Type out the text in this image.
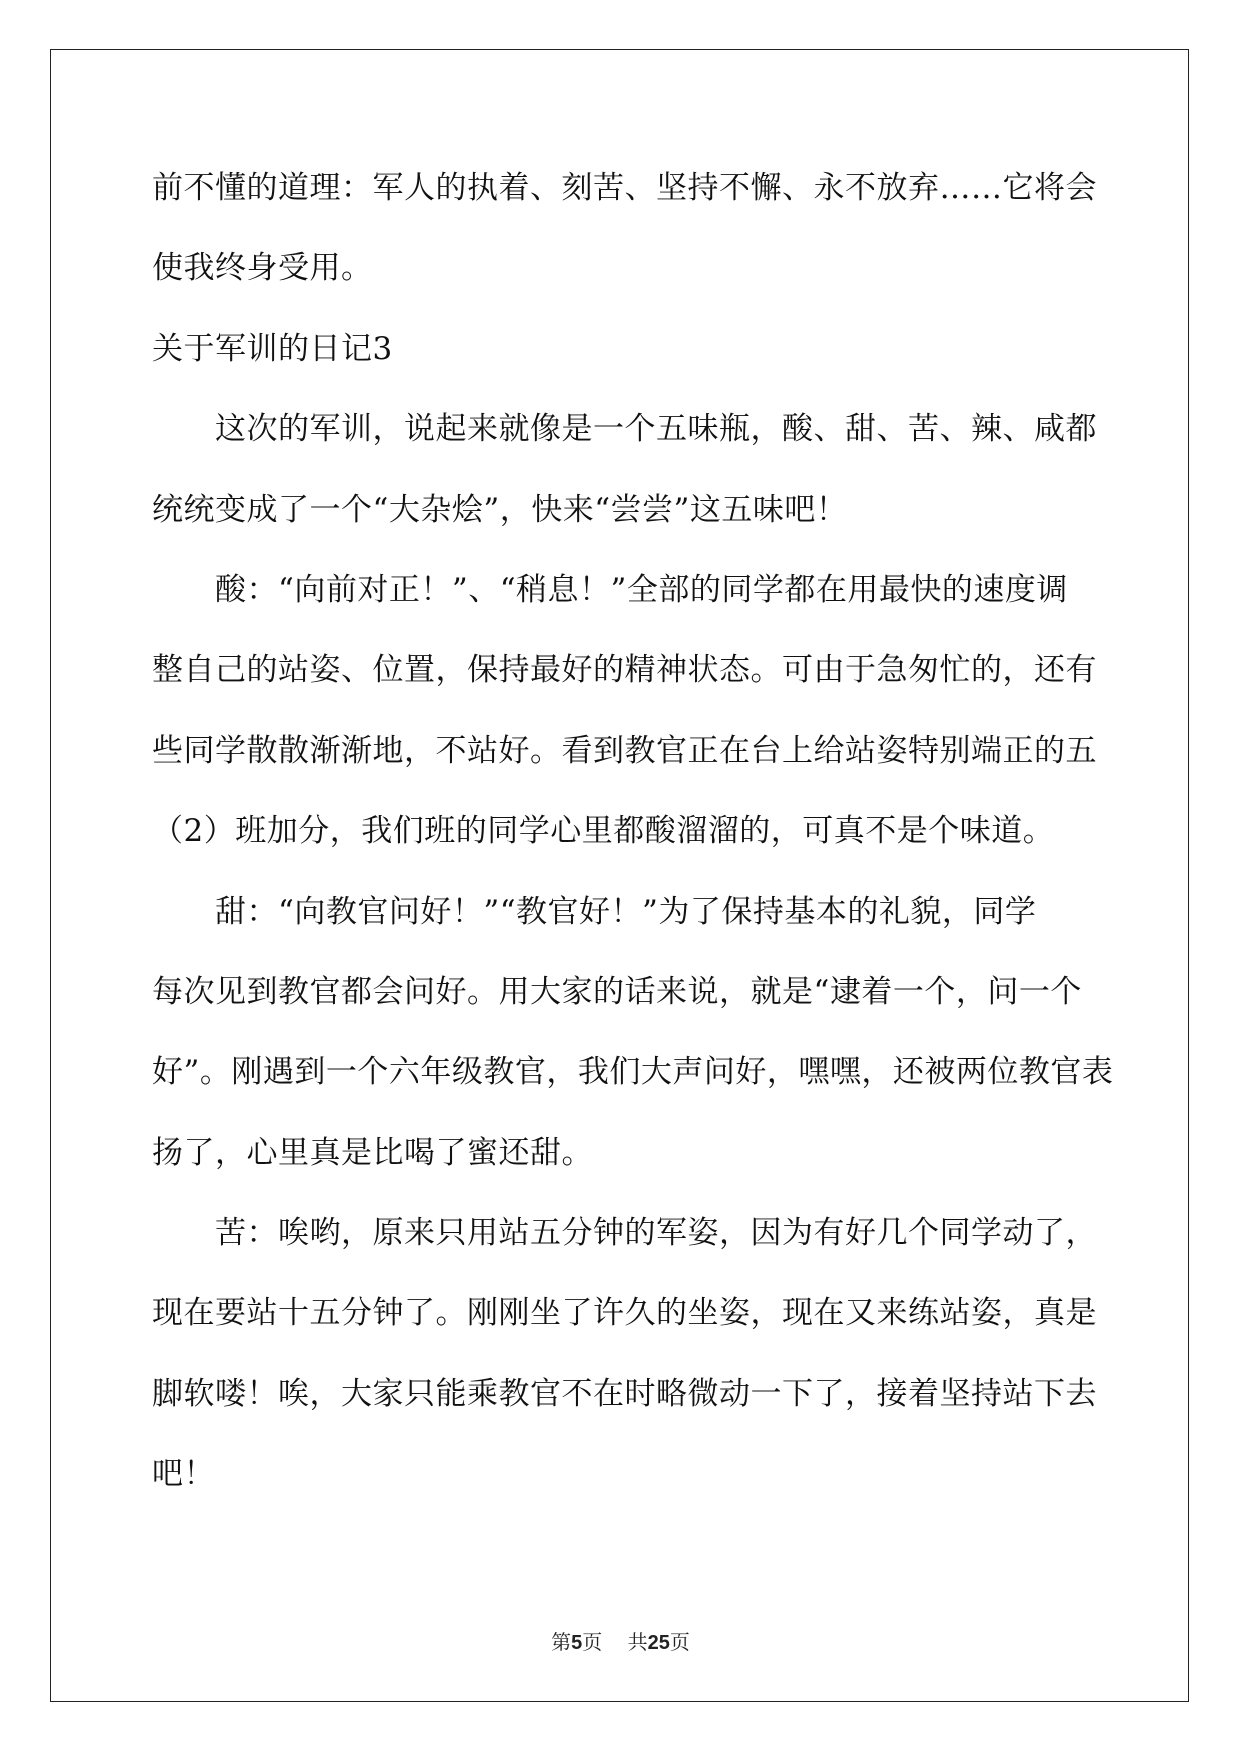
前不懂的道理：军人的执着、刻苦、坚持不懈、永不放弃……它将会
使我终身受用。
关于军训的日记3
这次的军训，说起来就像是一个五味瓶，酸、甜、苦、辣、咸都
统统变成了一个“大杂烩”，快来“尝尝”这五味吧！
酸：“向前对正！”、“稍息！”全部的同学都在用最快的速度调
整自己的站姿、位置，保持最好的精神状态。可由于急匆忙的，还有
些同学散散渐渐地，不站好。看到教官正在台上给站姿特别端正的五
（2）班加分，我们班的同学心里都酸溜溜的，可真不是个味道。
甜：“向教官问好！”“教官好！”为了保持基本的礼貌，同学
每次见到教官都会问好。用大家的话来说，就是“逮着一个，问一个
好”。刚遇到一个六年级教官，我们大声问好，嘿嘿，还被两位教官表
扬了，心里真是比喝了蜜还甜。
苦：唉哟，原来只用站五分钟的军姿，因为有好几个同学动了，
现在要站十五分钟了。刚刚坐了许久的坐姿，现在又来练站姿，真是
脚软喽！唉，大家只能乘教官不在时略微动一下了，接着坚持站下去
吧！
第5页 共25页
